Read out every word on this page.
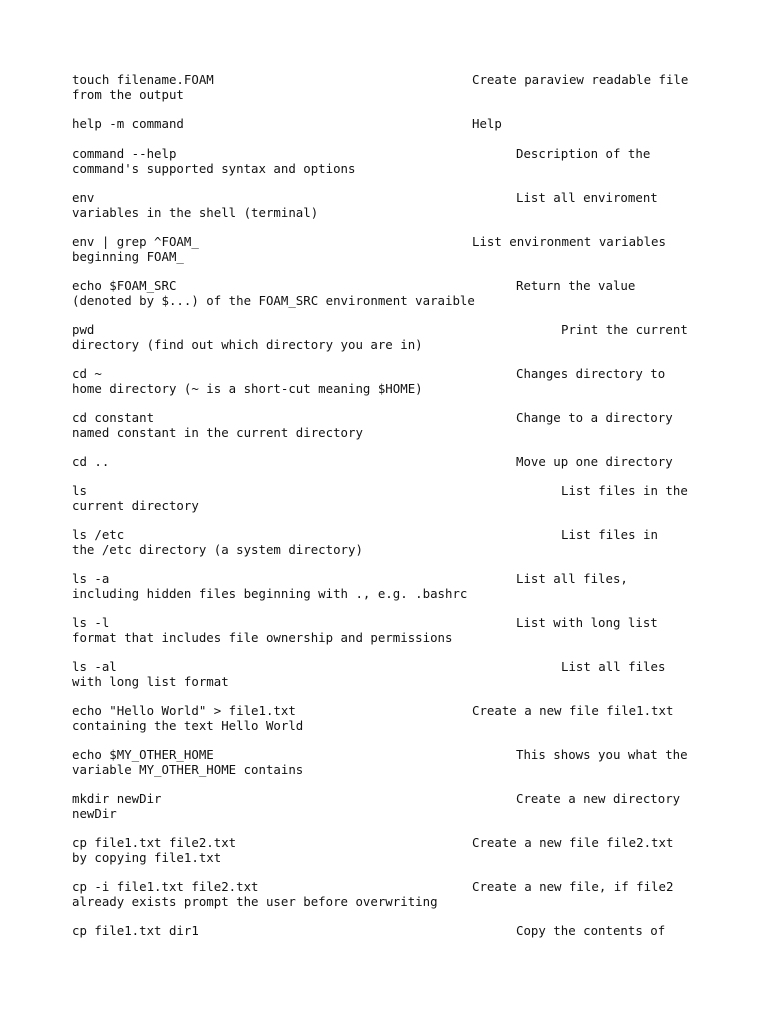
touch filename.FOAM	Create paraview readable file
from the output
help -m command	Help
command --help	Description of the
command's supported syntax and options
env	List all enviroment
variables in the shell (terminal)
env | grep ^FOAM_	List environment variables
beginning FOAM_
echo $FOAM_SRC	Return the value
(denoted by $...) of the FOAM_SRC environment varaible
pwd	Print the current
directory (find out which directory you are in)
cd ~	Changes directory to
home directory (~ is a short-cut meaning $HOME)
cd constant	Change to a directory
named constant in the current directory
cd ..	Move up one directory
ls	List files in the
current directory
ls /etc	List files in
the /etc directory (a system directory)
ls -a	List all files,
including hidden files beginning with ., e.g. .bashrc
ls -l	List with long list
format that includes file ownership and permissions
ls -al	List all files
with long list format
echo "Hello World" > file1.txt	Create a new file file1.txt
containing the text Hello World
echo $MY_OTHER_HOME	This shows you what the
variable MY_OTHER_HOME contains
mkdir newDir	Create a new directory
newDir
cp file1.txt file2.txt	Create a new file file2.txt
by copying file1.txt
cp -i file1.txt file2.txt	Create a new file, if file2
already exists prompt the user before overwriting
cp file1.txt dir1	Copy the contents of
